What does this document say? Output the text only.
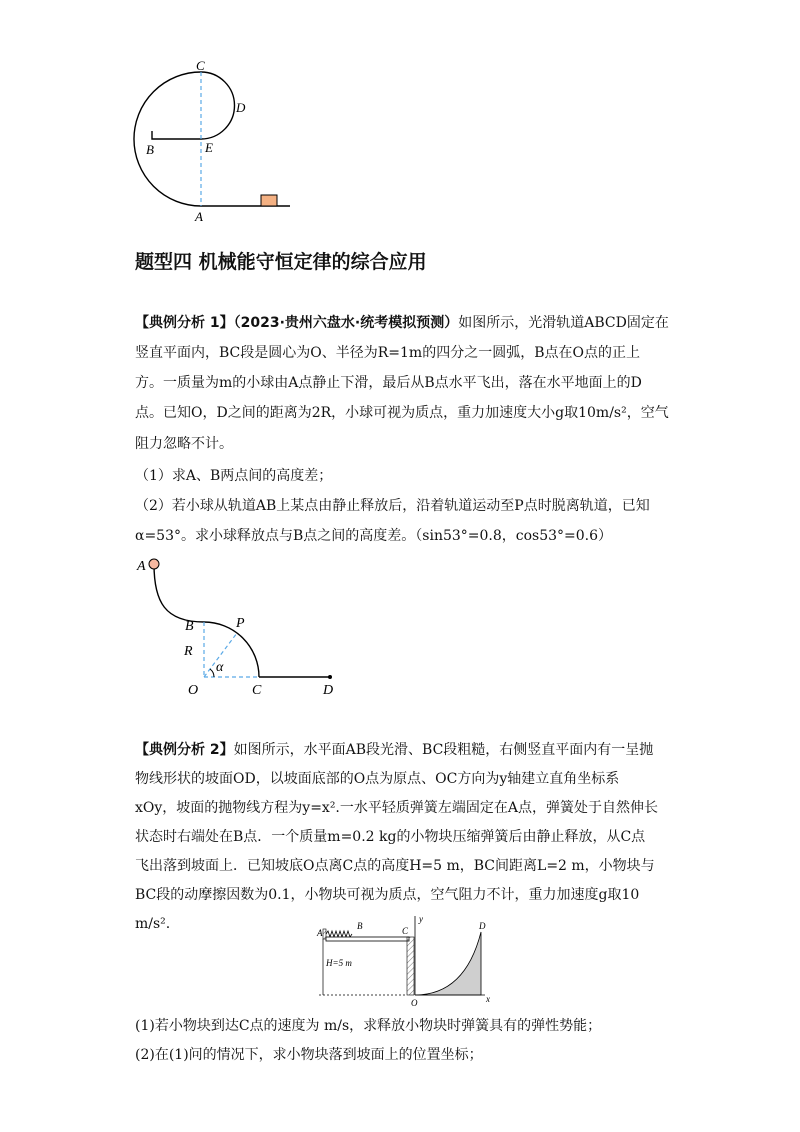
C
D
B	E
A
题型四 机械能守恒定律的综合应用
【典例分析 1】（2023·贵州六盘水·统考模拟预测）如图所示，光滑轨道ABCD固定在
竖直平面内，BC段是圆心为O、半径为R=1m的四分之一圆弧，B点在O点的正上
方。一质量为m的小球由A点静止下滑，最后从B点水平飞出，落在水平地面上的D
点。已知O，D之间的距离为2R，小球可视为质点，重力加速度大小g取10m/s²，空气
阻力忽略不计。
（1）求A、B两点间的高度差；
（2）若小球从轨道AB上某点由静止释放后，沿着轨道运动至P点时脱离轨道，已知
α=53°。求小球释放点与B点之间的高度差。（sin53°=0.8，cos53°=0.6）
A
B	P
R
α
O	C	D
【典例分析 2】如图所示，水平面AB段光滑、BC段粗糙，右侧竖直平面内有一呈抛
物线形状的坡面OD，以坡面底部的O点为原点、OC方向为y轴建立直角坐标系
xOy，坡面的抛物线方程为y=x².一水平轻质弹簧左端固定在A点，弹簧处于自然伸长
状态时右端处在B点．一个质量m=0.2 kg的小物块压缩弹簧后由静止释放，从C点
飞出落到坡面上．已知坡底O点离C点的高度H=5 m，BC间距离L=2 m，小物块与
BC段的动摩擦因数为0.1，小物块可视为质点，空气阻力不计，重力加速度g取10
m/s².
A
B	C
y
D
H=5 m
O	x
(1)若小物块到达C点的速度为 m/s，求释放小物块时弹簧具有的弹性势能；
(2)在(1)问的情况下，求小物块落到坡面上的位置坐标；
